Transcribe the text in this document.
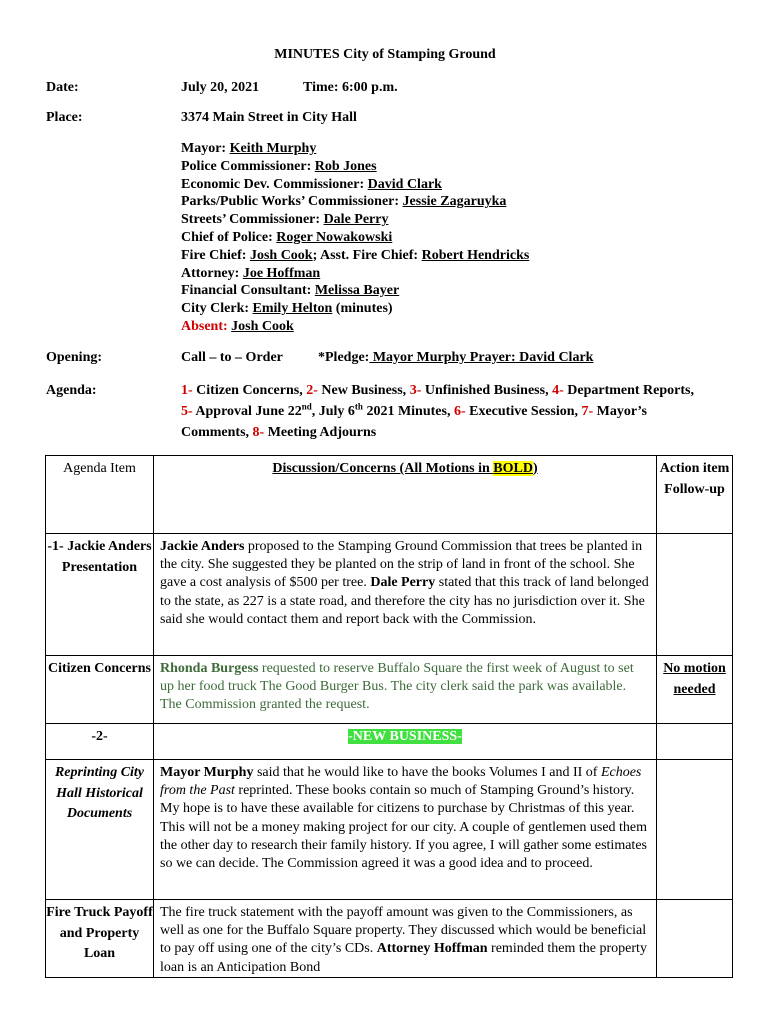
MINUTES City of Stamping Ground
Date:	July 20, 2021	Time: 6:00 p.m.
Place:	3374 Main Street in City Hall
Mayor: Keith Murphy
Police Commissioner: Rob Jones
Economic Dev. Commissioner: David Clark
Parks/Public Works’ Commissioner: Jessie Zagaruyka
Streets’ Commissioner: Dale Perry
Chief of Police: Roger Nowakowski
Fire Chief: Josh Cook; Asst. Fire Chief: Robert Hendricks
Attorney: Joe Hoffman
Financial Consultant: Melissa Bayer
City Clerk: Emily Helton (minutes)
Absent: Josh Cook
Opening:	Call – to – Order	*Pledge: Mayor Murphy Prayer: David Clark
Agenda:	1- Citizen Concerns, 2- New Business, 3- Unfinished Business, 4- Department Reports, 5- Approval June 22nd, July 6th 2021 Minutes, 6- Executive Session, 7- Mayor’s Comments, 8- Meeting Adjourns
Agenda Item	Discussion/Concerns (All Motions in BOLD)	Action item Follow-up
-1- Jackie Anders Presentation	Jackie Anders proposed to the Stamping Ground Commission that trees be planted in the city. She suggested they be planted on the strip of land in front of the school. She gave a cost analysis of $500 per tree. Dale Perry stated that this track of land belonged to the state, as 227 is a state road, and therefore the city has no jurisdiction over it. She said she would contact them and report back with the Commission.	
Citizen Concerns	Rhonda Burgess requested to reserve Buffalo Square the first week of August to set up her food truck The Good Burger Bus. The city clerk said the park was available. The Commission granted the request.	No motion needed
-2-	-NEW BUSINESS-	
Reprinting City Hall Historical Documents	Mayor Murphy said that he would like to have the books Volumes I and II of Echoes from the Past reprinted. These books contain so much of Stamping Ground’s history. My hope is to have these available for citizens to purchase by Christmas of this year. This will not be a money making project for our city. A couple of gentlemen used them the other day to research their family history. If you agree, I will gather some estimates so we can decide. The Commission agreed it was a good idea and to proceed.	
Fire Truck Payoff and Property Loan	The fire truck statement with the payoff amount was given to the Commissioners, as well as one for the Buffalo Square property. They discussed which would be beneficial to pay off using one of the city’s CDs. Attorney Hoffman reminded them the property loan is an Anticipation Bond	
